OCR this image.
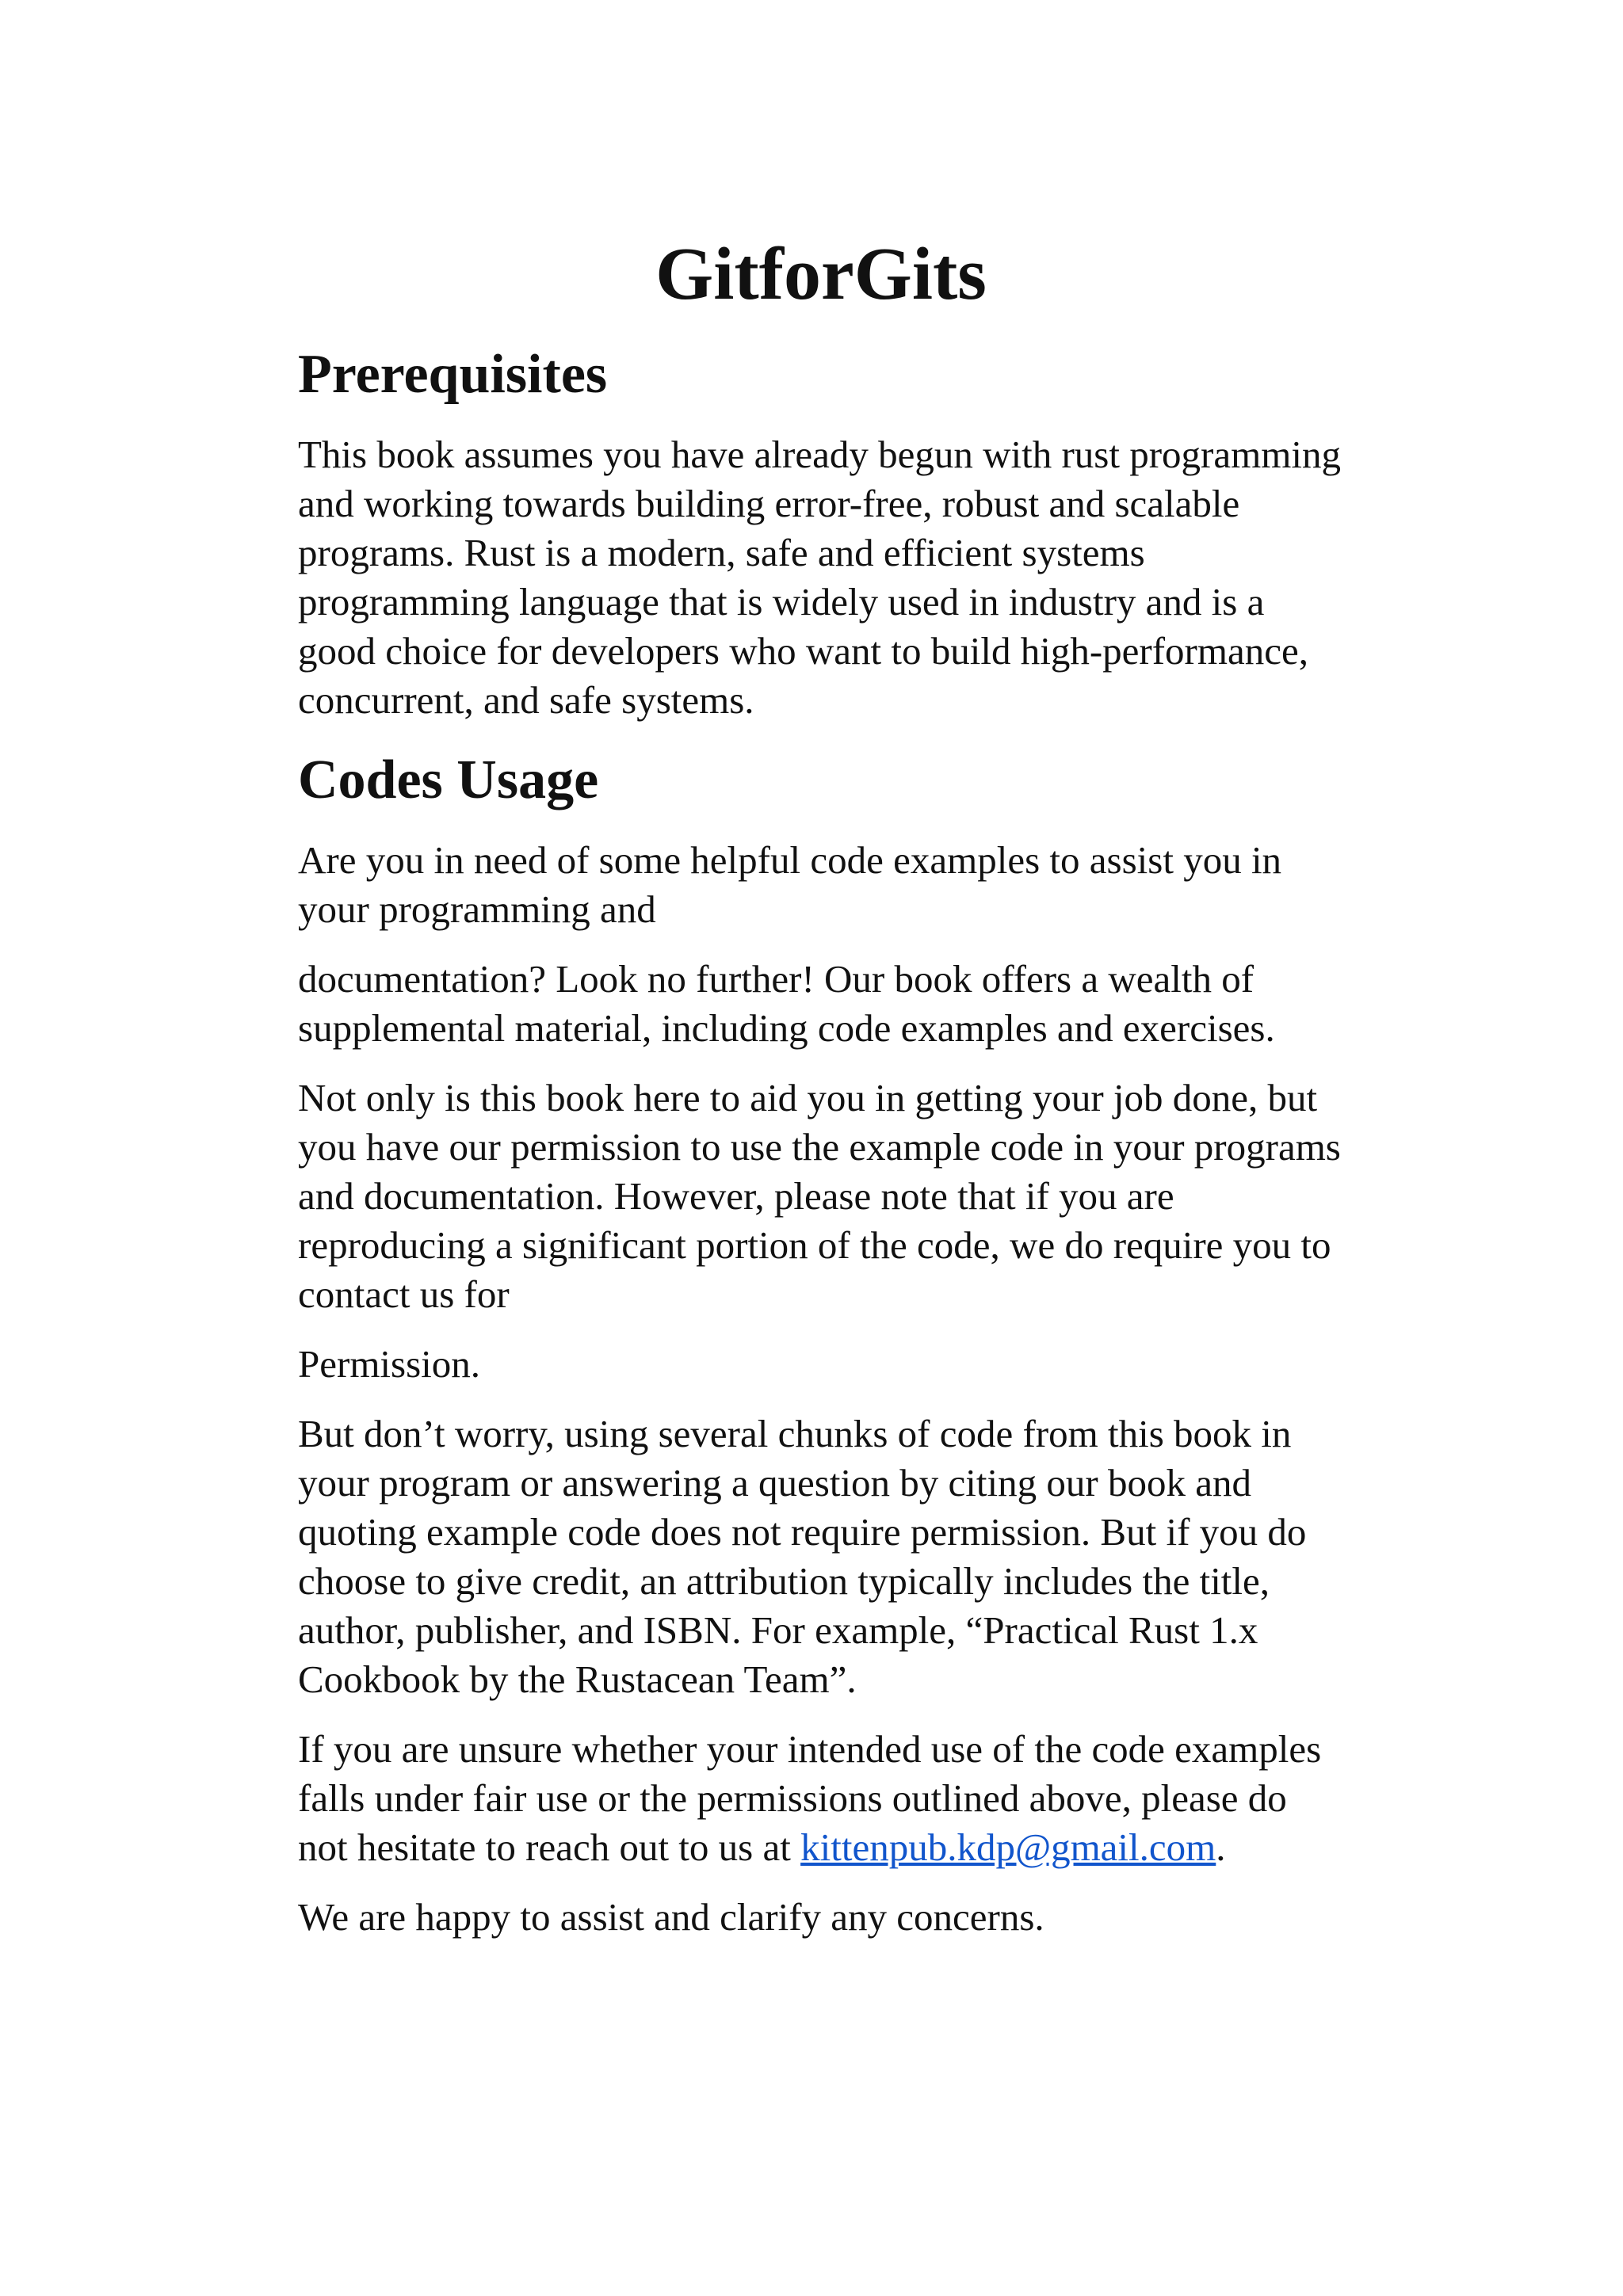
GitforGits
Prerequisites

This book assumes you have already begun with rust programming and working towards building error-free, robust and scalable programs. Rust is a modern, safe and efficient systems programming language that is widely used in industry and is a good choice for developers who want to build high-performance, concurrent, and safe systems.

Codes Usage

Are you in need of some helpful code examples to assist you in your programming and

documentation? Look no further! Our book offers a wealth of supplemental material, including code examples and exercises.

Not only is this book here to aid you in getting your job done, but you have our permission to use the example code in your programs and documentation. However, please note that if you are reproducing a significant portion of the code, we do require you to contact us for

Permission.

But don’t worry, using several chunks of code from this book in your program or answering a question by citing our book and quoting example code does not require permission. But if you do choose to give credit, an attribution typically includes the title, author, publisher, and ISBN. For example, “Practical Rust 1.x Cookbook by the Rustacean Team”.

If you are unsure whether your intended use of the code examples falls under fair use or the permissions outlined above, please do not hesitate to reach out to us at kittenpub.kdp@gmail.com.

We are happy to assist and clarify any concerns.
